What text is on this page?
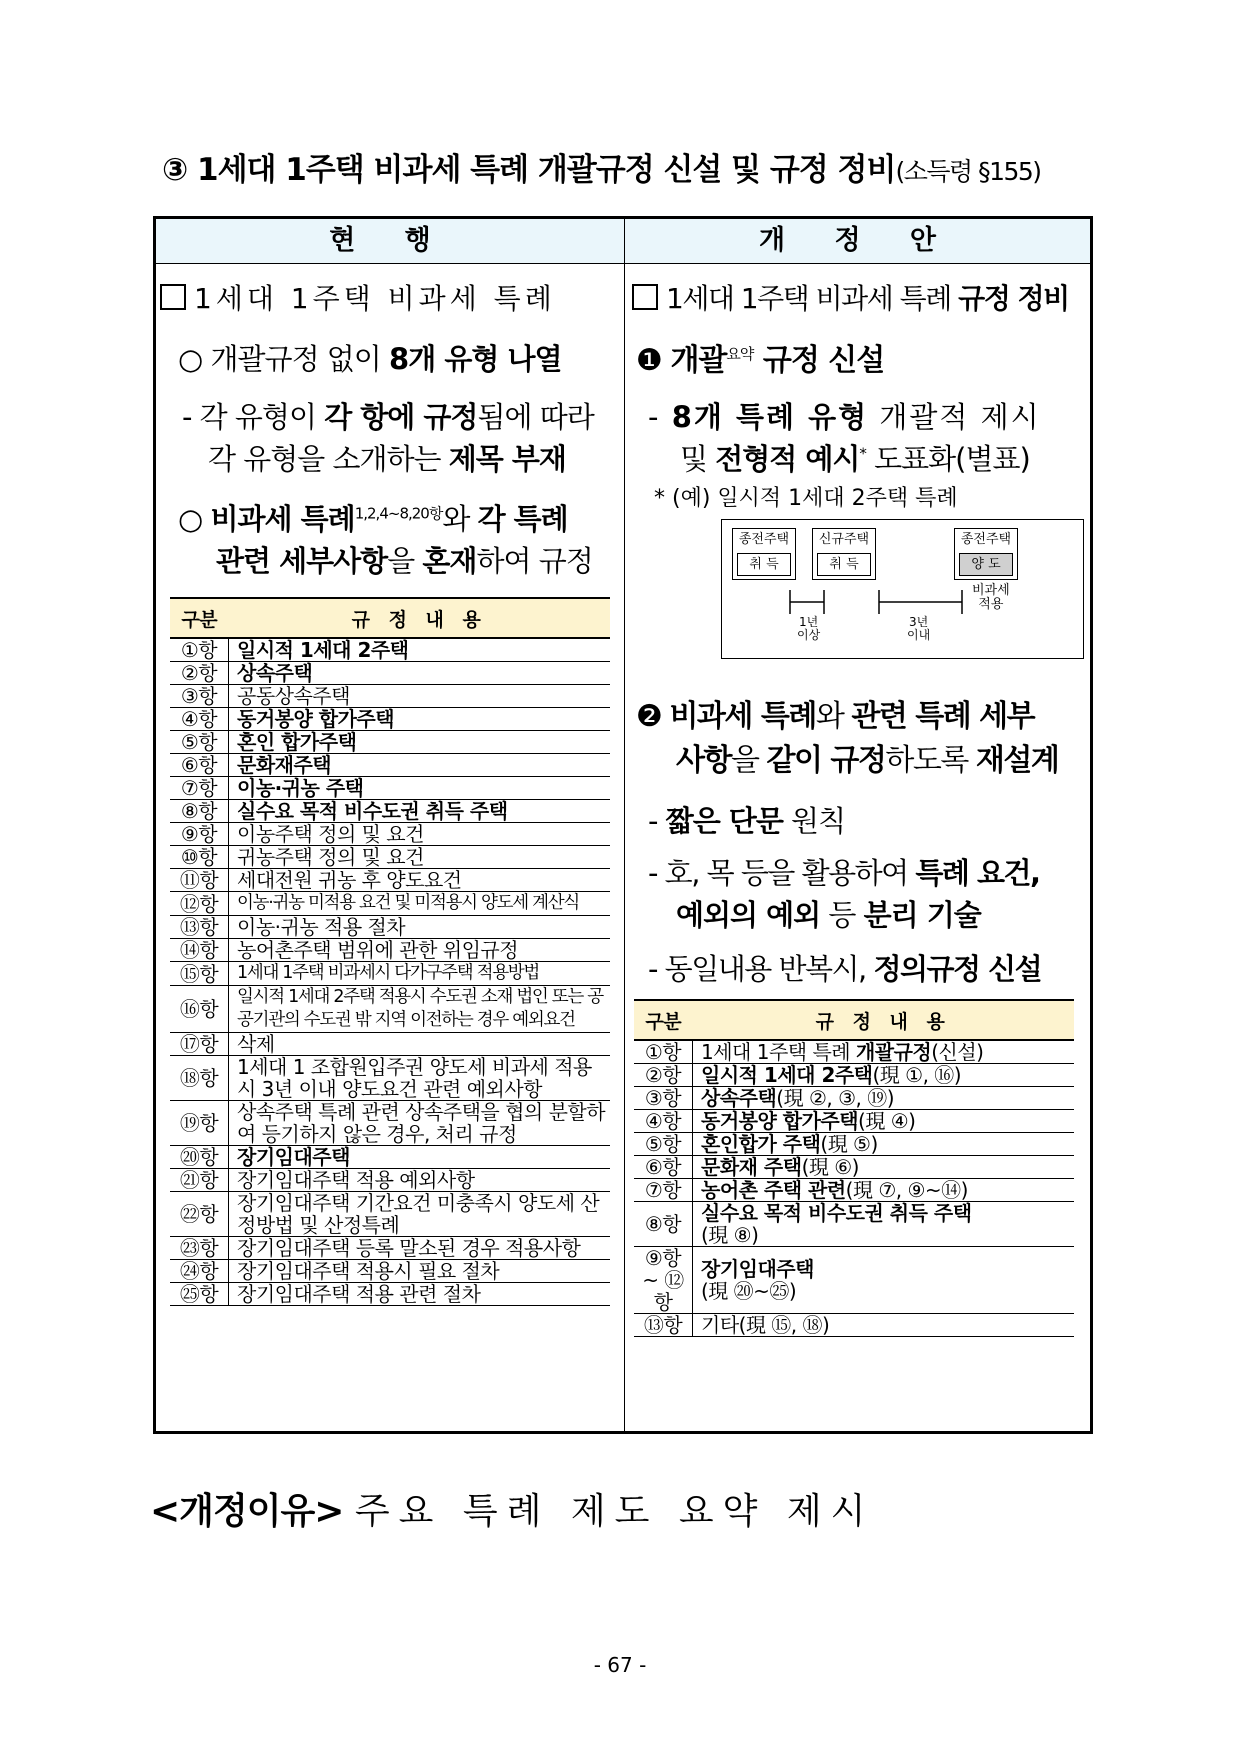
③ 1세대 1주택 비과세 특례 개괄규정 신설 및 규정 정비(소득령 §155)
현 행	개 정 안
1세대 1주택 비과세 특례
○ 개괄규정 없이 8개 유형 나열
- 각 유형이 각 항에 규정됨에 따라
각 유형을 소개하는 제목 부재
○ 비과세 특례$^{1,2,4\sim 8,20항}$와 각 특례
관련 세부사항을 혼재하여 규정
구분	규 정 내 용
①항	일시적 1세대 2주택
②항	상속주택
③항	공동상속주택
④항	동거봉양 합가주택
⑤항	혼인 합가주택
⑥항	문화재주택
⑦항	이농·귀농 주택
⑧항	실수요 목적 비수도권 취득 주택
⑨항	이농주택 정의 및 요건
⑩항	귀농주택 정의 및 요건
⑪항	세대전원 귀농 후 양도요건
⑫항	이농·귀농 미적용 요건 및 미적용시 양도세 계산식
⑬항	이농·귀농 적용 절차
⑭항	농어촌주택 범위에 관한 위임규정
⑮항	1세대 1주택 비과세시 다가구주택 적용방법
⑯항	일시적 1세대 2주택 적용시 수도권 소재 법인 또는 공공기관의 수도권 밖 지역 이전하는 경우 예외요건
⑰항	삭제
⑱항	1세대 1 조합원입주권 양도세 비과세 적용시 3년 이내 양도요건 관련 예외사항
⑲항	상속주택 특례 관련 상속주택을 협의 분할하여 등기하지 않은 경우, 처리 규정
⑳항	장기임대주택
㉑항	장기임대주택 적용 예외사항
㉒항	장기임대주택 기간요건 미충족시 양도세 산정방법 및 산정특례
㉓항	장기임대주택 등록 말소된 경우 적용사항
㉔항	장기임대주택 적용시 필요 절차
㉕항	장기임대주택 적용 관련 절차
1세대 1주택 비과세 특례 규정 정비
❶ 개괄$^{요약}$ 규정 신설
- 8개 특례 유형 개괄적 제시
및 전형적 예시* 도표화(별표)
* (예) 일시적 1세대 2주택 특례
종전주택
취 득
신규주택
취 득
종전주택
양 도
1년
이상
3년
이내
비과세
적용
❷ 비과세 특례와 관련 특례 세부
사항을 같이 규정하도록 재설계
- 짧은 단문 원칙
- 호, 목 등을 활용하여 특례 요건,
예외의 예외 등 분리 기술
- 동일내용 반복시, 정의규정 신설
구분	규 정 내 용
①항	1세대 1주택 특례 개괄규정(신설)
②항	일시적 1세대 2주택(現 ①, ⑯)
③항	상속주택(現 ②, ③, ⑲)
④항	동거봉양 합가주택(現 ④)
⑤항	혼인합가 주택(現 ⑤)
⑥항	문화재 주택(現 ⑥)
⑦항	농어촌 주택 관련(現 ⑦, ⑨~⑭)
⑧항	실수요 목적 비수도권 취득 주택
(現 ⑧)

⑨항 ~ ⑫항	장기임대주택
(現 ⑳~㉕)

⑬항	기타(現 ⑮, ⑱)
<개정이유> 주요 특례 제도 요약 제시
- 67 -
